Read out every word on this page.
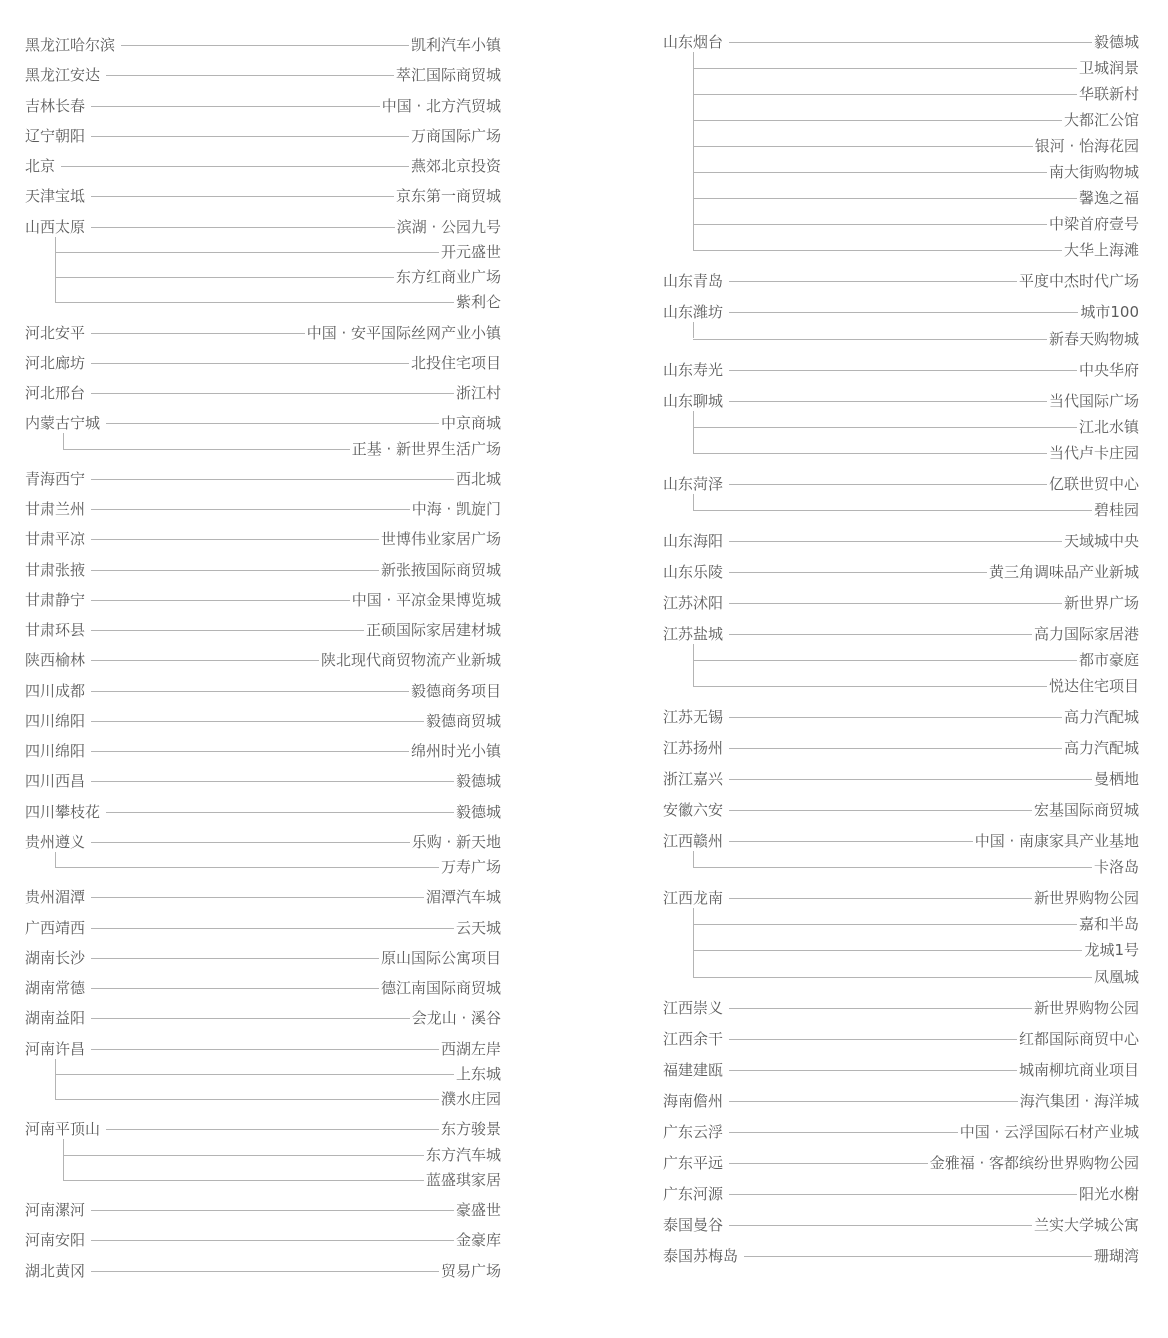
黑龙江哈尔滨	凯利汽车小镇
黑龙江安达	萃汇国际商贸城
吉林长春	中国 · 北方汽贸城
辽宁朝阳	万商国际广场
北京	燕郊北京投资
天津宝坻	京东第一商贸城
山西太原	滨湖 · 公园九号
开元盛世
东方红商业广场
紫利仑
河北安平	中国 · 安平国际丝网产业小镇
河北廊坊	北投住宅项目
河北邢台	浙江村
内蒙古宁城	中京商城
正基 · 新世界生活广场
青海西宁	西北城
甘肃兰州	中海 · 凯旋门
甘肃平凉	世博伟业家居广场
甘肃张掖	新张掖国际商贸城
甘肃静宁	中国 · 平凉金果博览城
甘肃环县	正硕国际家居建材城
陕西榆林	陕北现代商贸物流产业新城
四川成都	毅德商务项目
四川绵阳	毅德商贸城
四川绵阳	绵州时光小镇
四川西昌	毅德城
四川攀枝花	毅德城
贵州遵义	乐购 · 新天地
万寿广场
贵州湄潭	湄潭汽车城
广西靖西	云天城
湖南长沙	原山国际公寓项目
湖南常德	德江南国际商贸城
湖南益阳	会龙山 · 溪谷
河南许昌	西湖左岸
上东城
濮水庄园
河南平顶山	东方骏景
东方汽车城
蓝盛琪家居
河南漯河	豪盛世
河南安阳	金豪库
湖北黄冈	贸易广场
山东烟台	毅德城
卫城润景
华联新村
大都汇公馆
银河 · 怡海花园
南大街购物城
馨逸之福
中梁首府壹号
大华上海滩
山东青岛	平度中杰时代广场
山东潍坊	城市100
新春天购物城
山东寿光	中央华府
山东聊城	当代国际广场
江北水镇
当代卢卡庄园
山东菏泽	亿联世贸中心
碧桂园
山东海阳	天域城中央
山东乐陵	黄三角调味品产业新城
江苏沭阳	新世界广场
江苏盐城	高力国际家居港
都市豪庭
悦达住宅项目
江苏无锡	高力汽配城
江苏扬州	高力汽配城
浙江嘉兴	曼栖地
安徽六安	宏基国际商贸城
江西赣州	中国 · 南康家具产业基地
卡洛岛
江西龙南	新世界购物公园
嘉和半岛
龙城1号
凤凰城
江西崇义	新世界购物公园
江西余干	红都国际商贸中心
福建建瓯	城南柳坑商业项目
海南儋州	海汽集团 · 海洋城
广东云浮	中国 · 云浮国际石材产业城
广东平远	金雅福 · 客都缤纷世界购物公园
广东河源	阳光水榭
泰国曼谷	兰实大学城公寓
泰国苏梅岛	珊瑚湾
